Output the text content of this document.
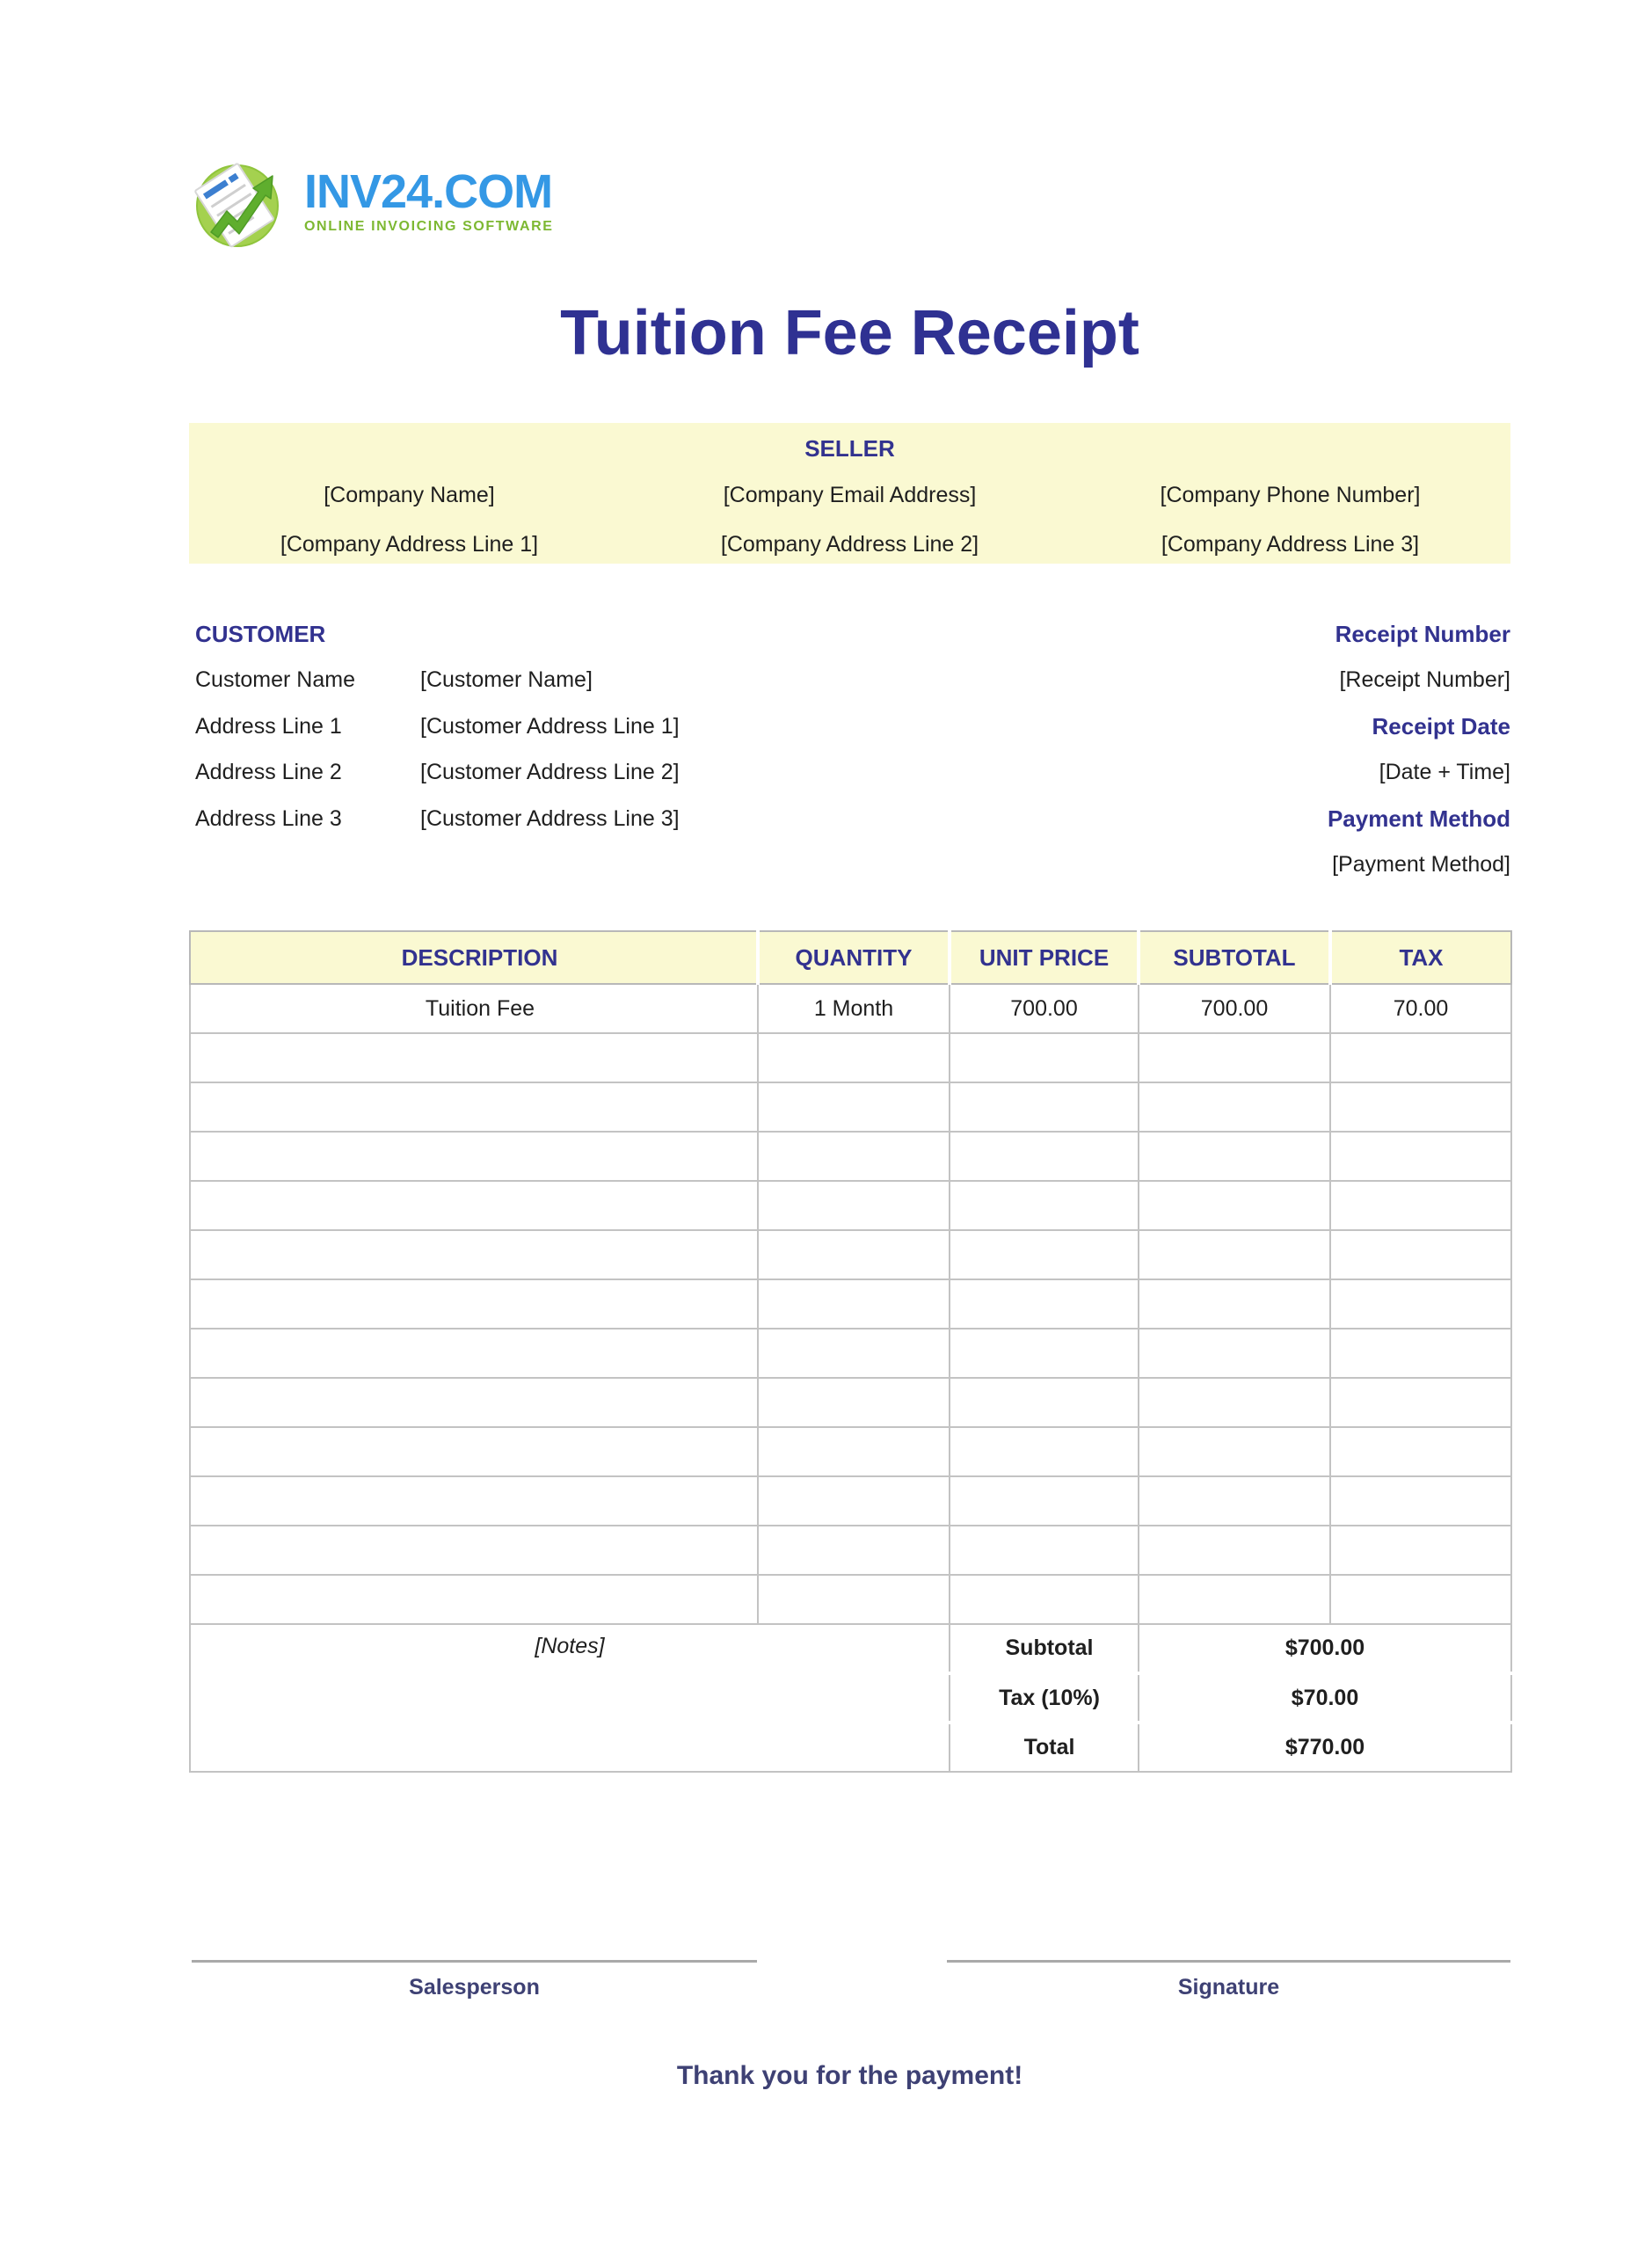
INV24.COM
ONLINE INVOICING SOFTWARE
Tuition Fee Receipt
SELLER
[Company Name]	[Company Email Address]	[Company Phone Number]
[Company Address Line 1]	[Company Address Line 2]	[Company Address Line 3]
CUSTOMER
Customer Name	[Customer Name]
Address Line 1	[Customer Address Line 1]
Address Line 2	[Customer Address Line 2]
Address Line 3	[Customer Address Line 3]
Receipt Number
[Receipt Number]
Receipt Date
[Date + Time]
Payment Method
[Payment Method]
DESCRIPTION	QUANTITY	UNIT PRICE	SUBTOTAL	TAX
Tuition Fee	1 Month	700.00	700.00	70.00

[Notes]		Subtotal	$700.00	
		Tax (10%)	$70.00	
		Total	$770.00	
Salesperson	Signature
Thank you for the payment!
